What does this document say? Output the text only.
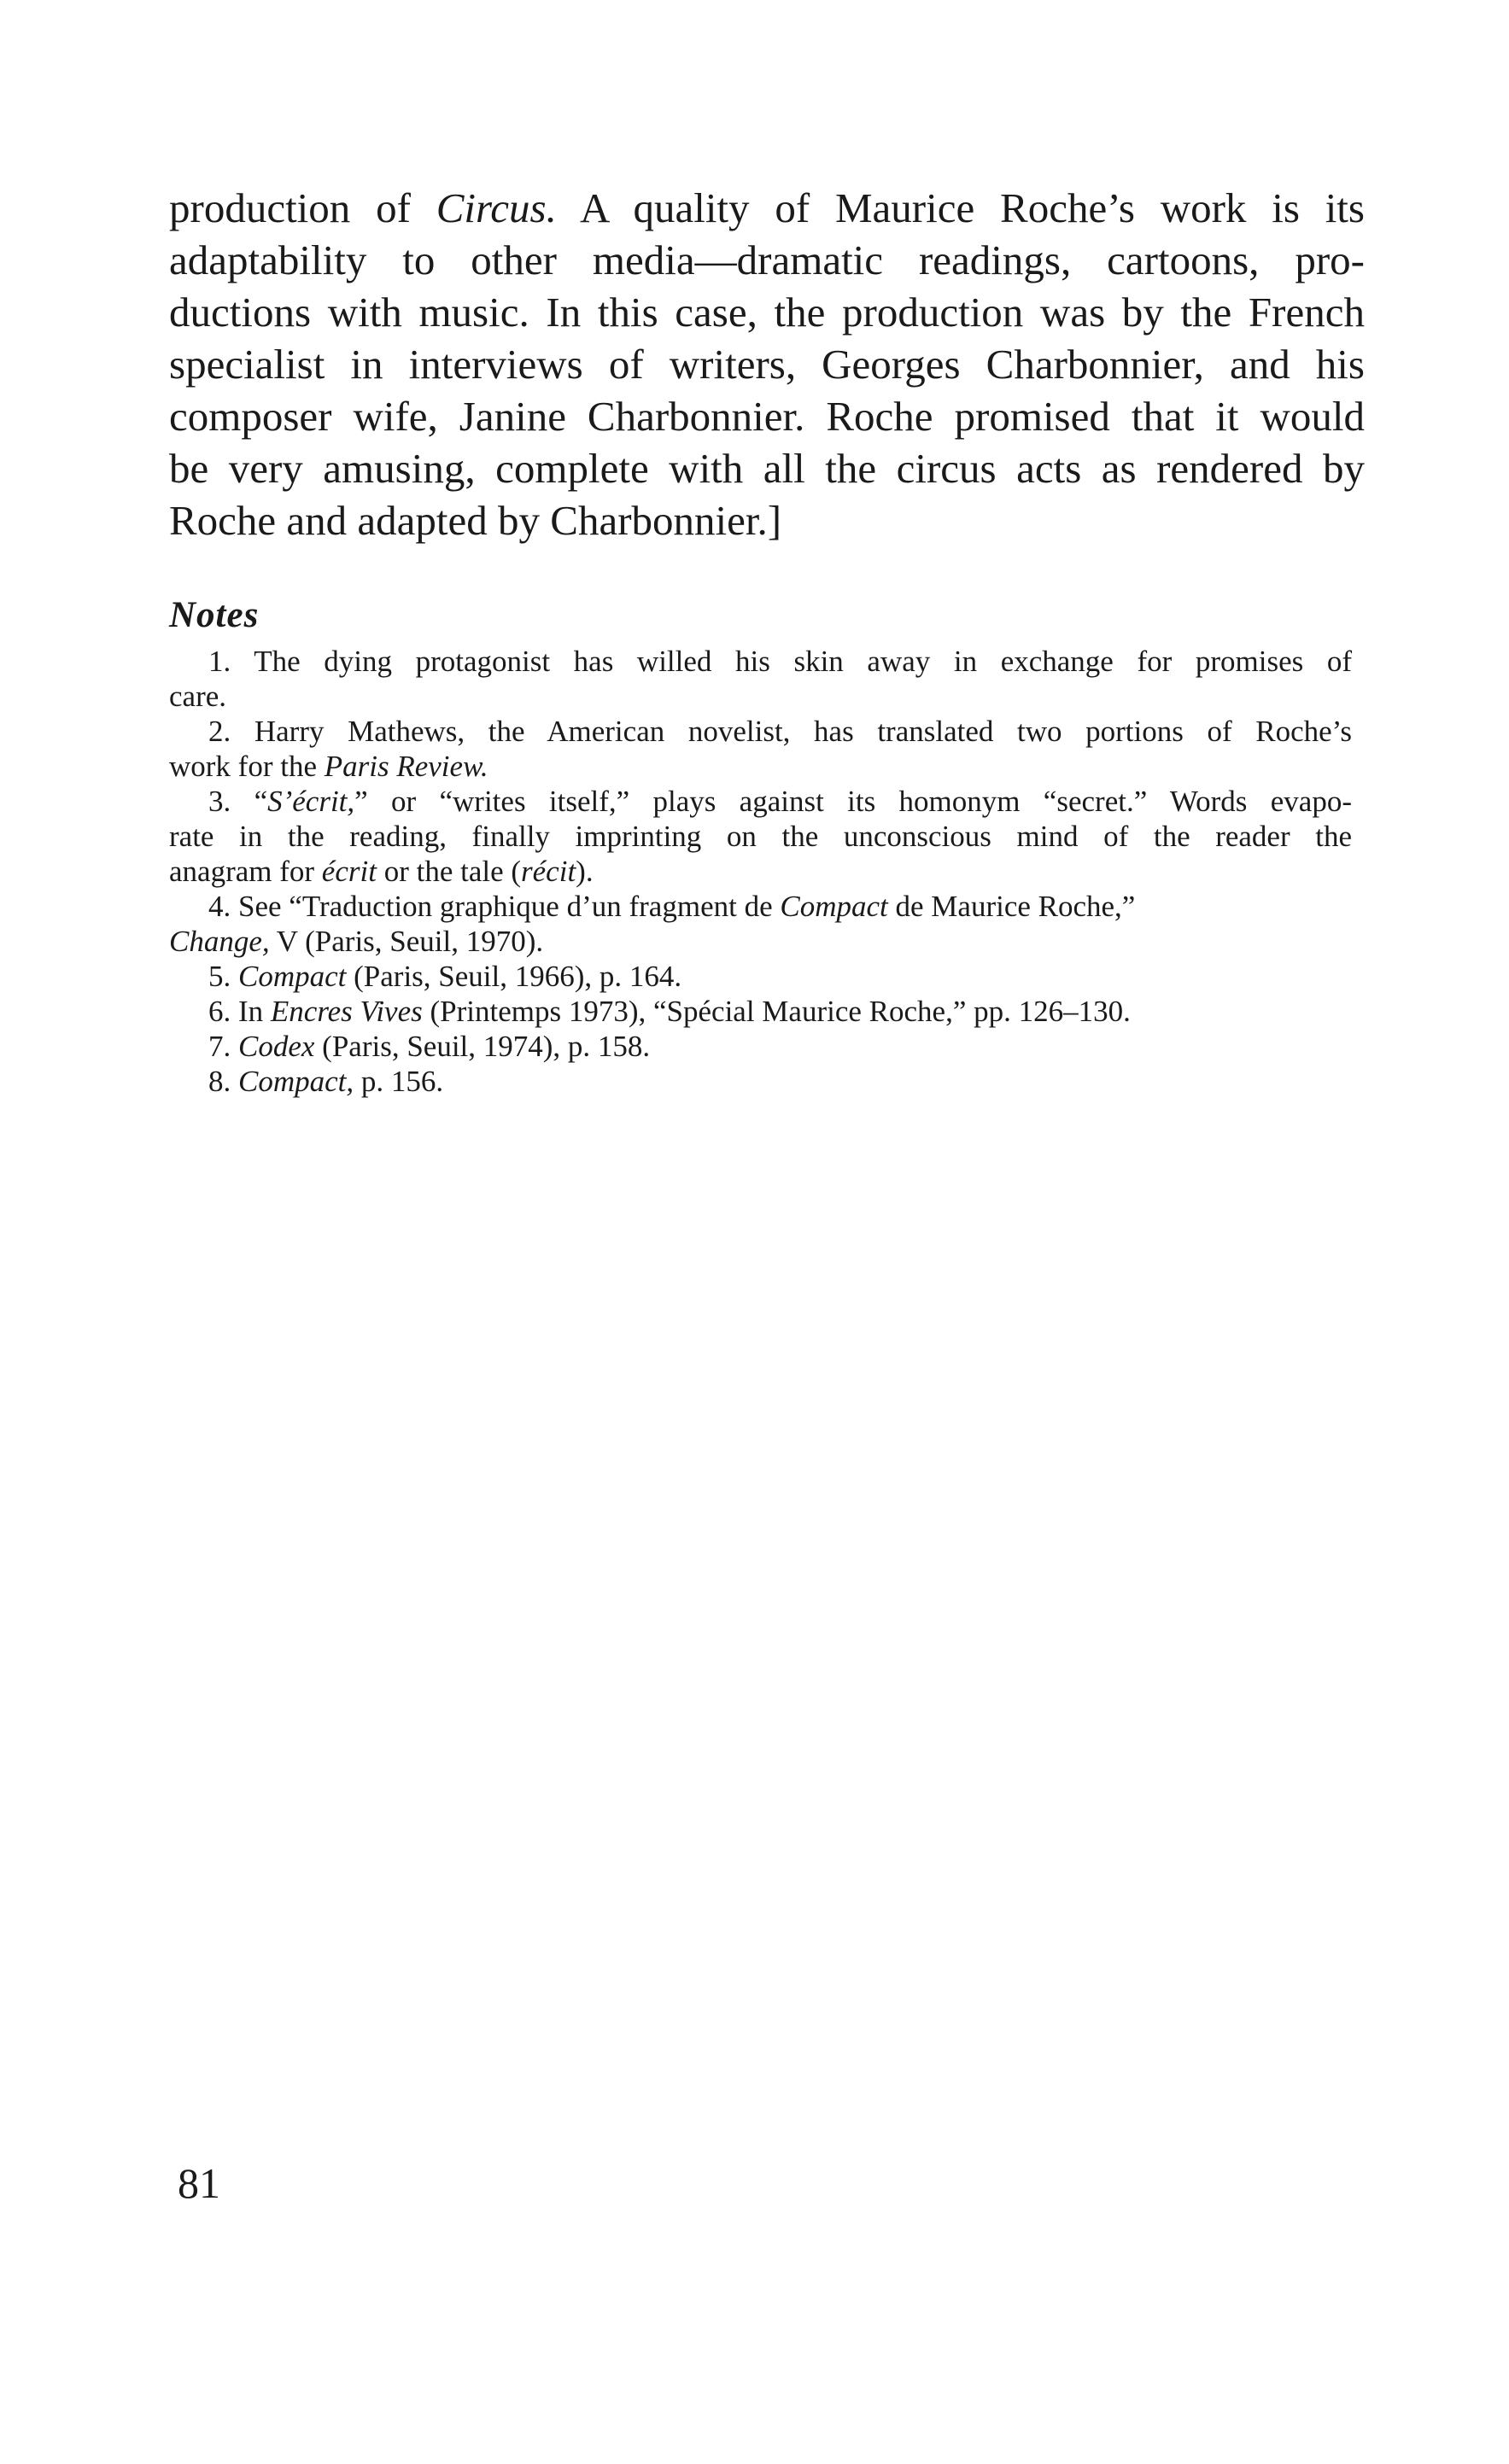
production of Circus. A quality of Maurice Roche’s work is its
adaptability to other media—dramatic readings, cartoons, pro-
ductions with music. In this case, the production was by the French
specialist in interviews of writers, Georges Charbonnier, and his
composer wife, Janine Charbonnier. Roche promised that it would
be very amusing, complete with all the circus acts as rendered by
Roche and adapted by Charbonnier.]

Notes
1. The dying protagonist has willed his skin away in exchange for promises of
care.
2. Harry Mathews, the American novelist, has translated two portions of Roche’s
work for the Paris Review.
3. “S’écrit,” or “writes itself,” plays against its homonym “secret.” Words evapo-
rate in the reading, finally imprinting on the unconscious mind of the reader the
anagram for écrit or the tale (récit).
4. See “Traduction graphique d’un fragment de Compact de Maurice Roche,”
Change, V (Paris, Seuil, 1970).
5. Compact (Paris, Seuil, 1966), p. 164.
6. In Encres Vives (Printemps 1973), “Spécial Maurice Roche,” pp. 126–130.
7. Codex (Paris, Seuil, 1974), p. 158.
8. Compact, p. 156.
81
